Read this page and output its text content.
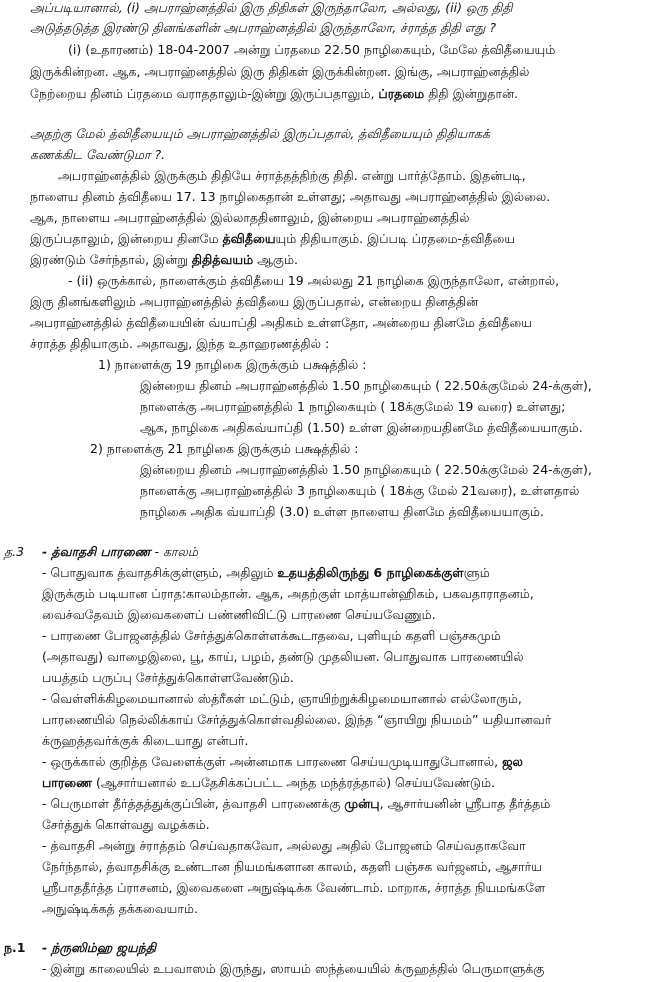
அப்படியானால், (i) அபராஹ்னத்தில் இரு திதிகள் இருந்தாலோ, அல்லது, (ii) ஒரு திதி

அடுத்தடுத்த இரண்டு தினங்களின் அபராஹ்னத்தில் இருந்தாலோ, ச்ராத்த திதி எது ?

(i) (உதாரணம்) 18-04-2007 அன்று ப்ரதமை 22.50 நாழிகையும், மேலே த்விதீயையும்

இருக்கின்றன. ஆக, அபராஹ்னத்தில் இரு திதிகள் இருக்கின்றன. இங்கு, அபராஹ்னத்தில்

நேற்றைய தினம் ப்ரதமை வராததாலும்-இன்று இருப்பதாலும், ப்ரதமை திதி இன்றுதான்.

அதற்கு மேல் த்விதீயையும் அபராஹ்னத்தில் இருப்பதால், த்விதீயையும் திதியாகக்

கணக்கிட வேண்டுமா ?.

அபராஹ்னத்தில் இருக்கும் திதியே ச்ராத்தத்திற்கு திதி. என்று பார்த்தோம். இதன்படி,

நாளைய தினம் த்விதீயை 17. 13 நாழிகைதான் உள்ளது; அதாவது அபராஹ்னத்தில் இல்லை.

ஆக, நாளைய அபராஹ்னத்தில் இல்லாததினாலும், இன்றைய அபராஹ்னத்தில்

இருப்பதாலும், இன்றைய தினமே த்விதீயையும் திதியாகும். இப்படி ப்ரதமை-த்விதீயை

இரண்டும் சேர்ந்தால், இன்று திதித்வயம் ஆகும்.

- (ii) ஒருக்கால், நாளைக்கும் த்விதீயை 19 அல்லது 21 நாழிகை இருந்தாலோ, என்றால்,

இரு தினங்களிலும் அபராஹ்னத்தில் த்விதீயை இருப்பதால், என்றைய தினத்தின்

அபராஹ்னத்தில் த்விதீயையின் வ்யாப்தி அதிகம் உள்ளதோ, அன்றைய தினமே த்விதீயை

ச்ராத்த திதியாகும். அதாவது, இந்த உதாஹரணத்தில் :

1) நாளைக்கு 19 நாழிகை இருக்கும் பக்ஷத்தில் :

இன்றைய தினம் அபராஹ்னத்தில் 1.50 நாழிகையும் ( 22.50க்குமேல் 24-க்குள்),

நாளைக்கு அபராஹ்னத்தில் 1 நாழிகையும் ( 18க்குமேல் 19 வரை) உள்ளது;

ஆக, நாழிகை அதிகவ்யாப்தி (1.50) உள்ள இன்றையதினமே த்விதீயையாகும்.

2) நாளைக்கு 21 நாழிகை இருக்கும் பக்ஷத்தில் :

இன்றைய தினம் அபராஹ்னத்தில் 1.50 நாழிகையும் ( 22.50க்குமேல் 24-க்குள்),

நாளைக்கு அபராஹ்னத்தில் 3 நாழிகையும் ( 18க்கு மேல் 21வரை), உள்ளதால்

நாழிகை அதிக வ்யாப்தி (3.0) உள்ள நாளைய தினமே த்விதீயையாகும்.

த.3 - த்வாதசி பாரணை - காலம்

- பொதுவாக த்வாதசிக்குள்ளும், அதிலும் உதயத்திலிருந்து 6 நாழிகைக்குள்ளும்

இருக்கும் படியான ப்ராத:காலம்தான். ஆக, அதற்குள் மாத்யான்ஹிகம், பகவதாராதனம்,

வைச்வதேவம் இவைகளைப் பண்ணிவிட்டு பாரணை செய்யவேணும்.

- பாரணை போஜனத்தில் சேர்த்துக்கொள்ளக்கூடாதவை, புளியும் கதளி பஞ்சகமும்

(அதாவது) வாழைஇலை, பூ, காய், பழம், தண்டு முதலியன. பொதுவாக பாரணையில்

பயத்தம் பருப்பு சேர்த்துக்கொள்ளவேண்டும்.

- வெள்ளிக்கிழமையானால் ஸ்த்ரீகள் மட்டும், ஞாயிற்றுக்கிழமையானால் எல்லோரும்,

பாரணையில் நெல்லிக்காய் சேர்த்துக்கொள்வதில்லை. இந்த “ஞாயிறு நியமம்” யதியானவர்

க்ருஹத்தவர்க்குக் கிடையாது என்பர்.

- ஒருக்கால் குறித்த வேளைக்குள் அன்னமாக பாரணை செய்யமுடியாதுபோனால், ஜல

பாரணை (ஆசார்யனால் உபதேசிக்கப்பட்ட அந்த மந்த்ரத்தால்) செய்யவேண்டும்.

- பெருமாள் தீர்த்தத்துக்குப்பின், த்வாதசி பாரணைக்கு முன்பு, ஆசார்யனின் ஸ்ரீபாத தீர்த்தம்

சேர்த்துக் கொள்வது வழக்கம்.

- த்வாதசி அன்று ச்ராத்தம் செய்வதாகவோ, அல்லது அதில் போஜனம் செய்வதாகவோ

நேர்ந்தால், த்வாதசிக்கு உண்டான நியமங்களான காலம், கதளி பஞ்சக வர்ஜனம், ஆசார்ய

ஸ்ரீபாததீர்த்த ப்ராசனம், இவைகளை அநுஷ்டிக்க வேண்டாம். மாறாக, ச்ராத்த நியமங்களே

அநுஷ்டிக்கத் தக்கவையாம்.

ந.1 - ந்ருஸிம்ஹ ஜயந்தி

- இன்று காலையில் உபவாஸம் இருந்து, ஸாயம் ஸந்த்யையில் க்ருஹத்தில் பெருமாளுக்கு
